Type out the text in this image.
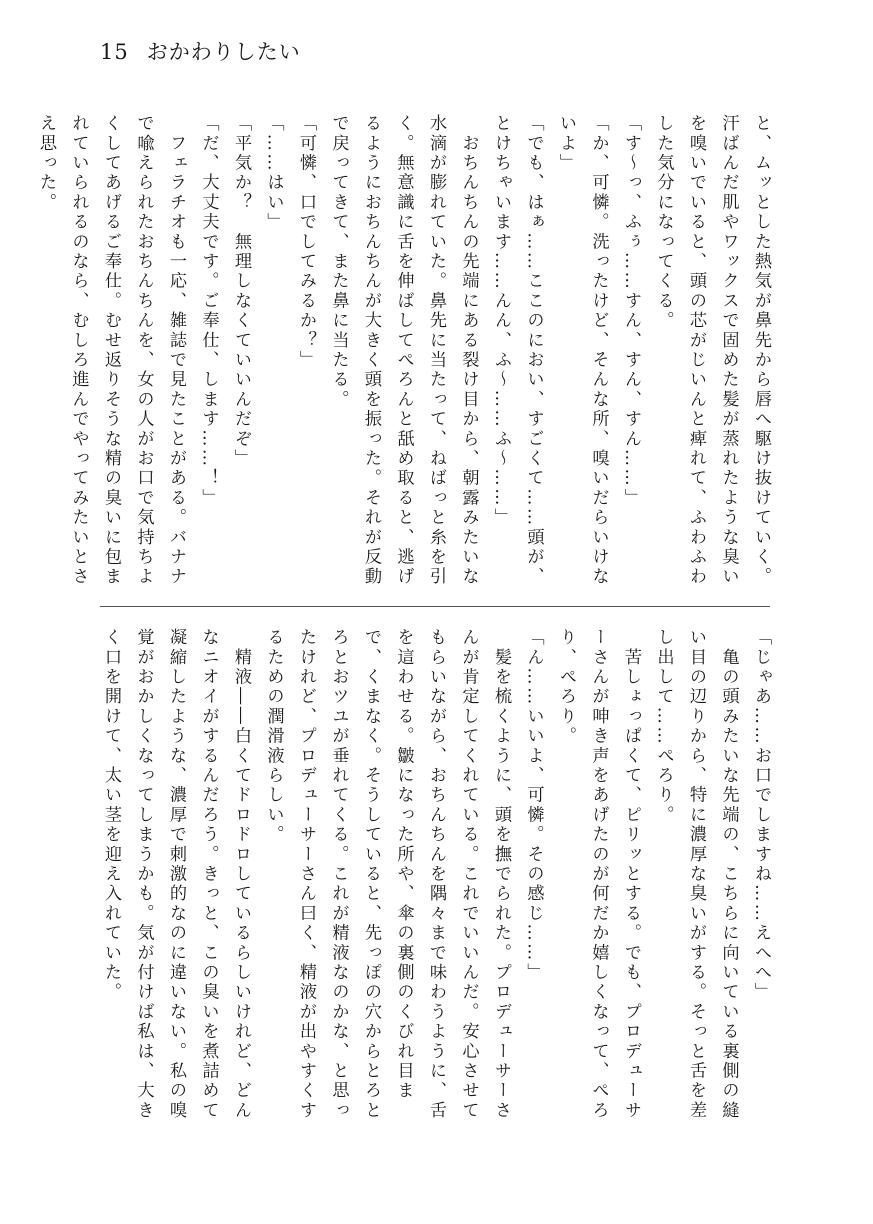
15 おかわりしたい

と、ムッとした熱気が鼻先から唇へ駆け抜けていく。汗ばんだ肌やワックスで固めた髪が蒸れたような臭いを嗅いでいると、頭の芯がじいんと痺れて、ふわふわした気分になってくる。

「す〜っ、ふぅ……すん、すん、すん……」

「か、可憐。洗ったけど、そんな所、嗅いだらいけないよ」

「でも、はぁ……ここのにおい、すごくて……頭が、とけちゃいます……んん、ふ〜……ふ〜……」

　おちんちんの先端にある裂け目から、朝露みたいな水滴が膨れていた。鼻先に当たって、ねばっと糸を引く。無意識に舌を伸ばしてぺろんと舐め取ると、逃げるようにおちんちんが大きく頭を振った。それが反動で戻ってきて、また鼻に当たる。

「可憐、口でしてみるか？」

「……はい」

「平気か？　無理しなくていいんだぞ」

「だ、大丈夫です。ご奉仕、します……！」

　フェラチオも一応、雑誌で見たことがある。バナナで喩えられたおちんちんを、女の人がお口で気持ちよくしてあげるご奉仕。むせ返りそうな精の臭いに包まれていられるのなら、むしろ進んでやってみたいとさえ思った。

「じゃあ……お口でしますね……えへへ」

　亀の頭みたいな先端の、こちらに向いている裏側の縫い目の辺りから、特に濃厚な臭いがする。そっと舌を差し出して……ぺろり。

　苦しょっぱくて、ピリッとする。でも、プロデューサーさんが呻き声をあげたのが何だか嬉しくなって、ぺろり、ぺろり。

「ん……いいよ、可憐。その感じ……」

　髪を梳くように、頭を撫でられた。プロデューサーさんが肯定してくれている。これでいいんだ。安心させてもらいながら、おちんちんを隅々まで味わうように、舌を這わせる。皺になった所や、傘の裏側のくびれ目まで、くまなく。そうしていると、先っぽの穴からとろとろとおツユが垂れてくる。これが精液なのかな、と思ったけれど、プロデューサーさん曰く、精液が出やすくするための潤滑液らしい。

　精液――白くてドロドロしているらしいけれど、どんなニオイがするんだろう。きっと、この臭いを煮詰めて凝縮したような、濃厚で刺激的なのに違いない。私の嗅覚がおかしくなってしまうかも。気が付けば私は、大きく口を開けて、太い茎を迎え入れていた。
